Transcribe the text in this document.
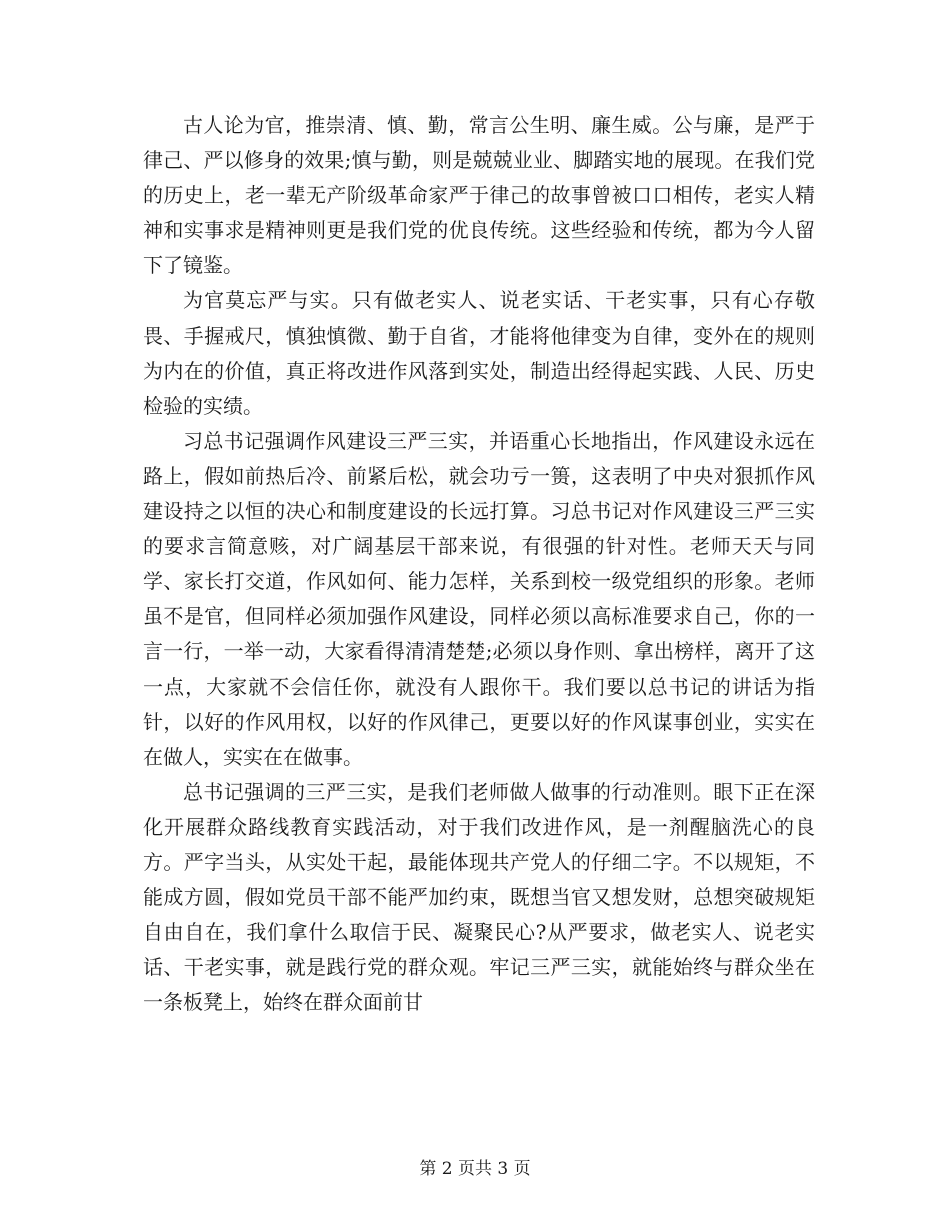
古人论为官，推崇清、慎、勤，常言公生明、廉生威。公与廉，是严于律己、严以修身的效果;慎与勤，则是兢兢业业、脚踏实地的展现。在我们党的历史上，老一辈无产阶级革命家严于律己的故事曾被口口相传，老实人精神和实事求是精神则更是我们党的优良传统。这些经验和传统，都为今人留下了镜鉴。

为官莫忘严与实。只有做老实人、说老实话、干老实事，只有心存敬畏、手握戒尺，慎独慎微、勤于自省，才能将他律变为自律，变外在的规则为内在的价值，真正将改进作风落到实处，制造出经得起实践、人民、历史检验的实绩。

习总书记强调作风建设三严三实，并语重心长地指出，作风建设永远在路上，假如前热后冷、前紧后松，就会功亏一篑，这表明了中央对狠抓作风建设持之以恒的决心和制度建设的长远打算。习总书记对作风建设三严三实的要求言简意赅，对广阔基层干部来说，有很强的针对性。老师天天与同学、家长打交道，作风如何、能力怎样，关系到校一级党组织的形象。老师虽不是官，但同样必须加强作风建设，同样必须以高标准要求自己，你的一言一行，一举一动，大家看得清清楚楚;必须以身作则、拿出榜样，离开了这一点，大家就不会信任你，就没有人跟你干。我们要以总书记的讲话为指针，以好的作风用权，以好的作风律己，更要以好的作风谋事创业，实实在在做人，实实在在做事。

总书记强调的三严三实，是我们老师做人做事的行动准则。眼下正在深化开展群众路线教育实践活动，对于我们改进作风，是一剂醒脑洗心的良方。严字当头，从实处干起，最能体现共产党人的仔细二字。不以规矩，不能成方圆，假如党员干部不能严加约束，既想当官又想发财，总想突破规矩自由自在，我们拿什么取信于民、凝聚民心?从严要求，做老实人、说老实话、干老实事，就是践行党的群众观。牢记三严三实，就能始终与群众坐在一条板凳上，始终在群众面前甘

第 2 页共 3 页
